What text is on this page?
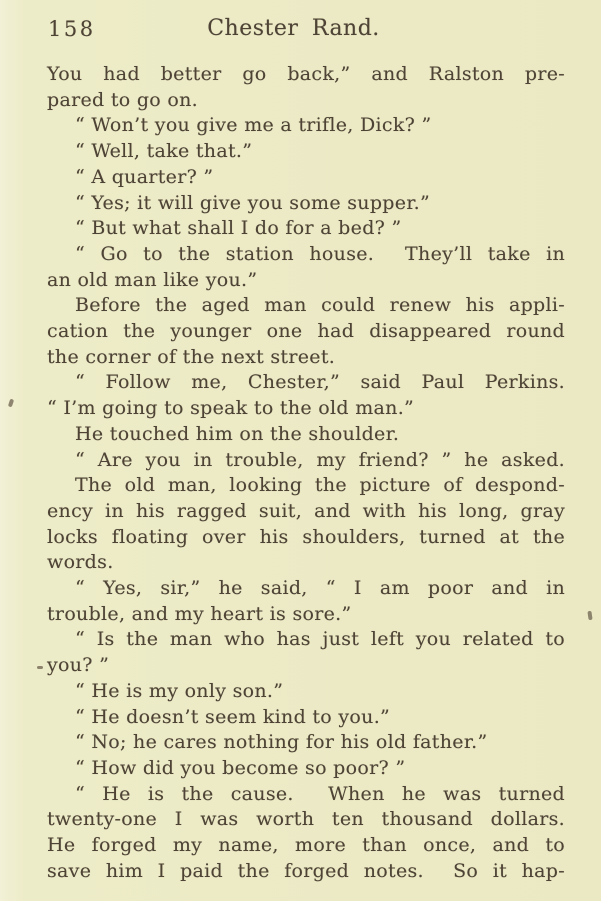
158	Chester Rand.
You had better go back,” and Ralston pre-
pared to go on.
“ Won’t you give me a trifle, Dick? ”
“ Well, take that.”
“ A quarter? ”
“ Yes; it will give you some supper.”
“ But what shall I do for a bed? ”
“ Go to the station house.  They’ll take in
an old man like you.”
Before the aged man could renew his appli-
cation the younger one had disappeared round
the corner of the next street.
“ Follow me, Chester,” said Paul Perkins.
“ I’m going to speak to the old man.”
He touched him on the shoulder.
“ Are you in trouble, my friend? ” he asked.
The old man, looking the picture of despond-
ency in his ragged suit, and with his long, gray
locks floating over his shoulders, turned at the
words.
“ Yes, sir,” he said, “ I am poor and in
trouble, and my heart is sore.”
“ Is the man who has just left you related to
you? ”
“ He is my only son.”
“ He doesn’t seem kind to you.”
“ No; he cares nothing for his old father.”
“ How did you become so poor? ”
“ He is the cause.  When he was turned
twenty-one I was worth ten thousand dollars.
He forged my name, more than once, and to
save him I paid the forged notes.  So it hap-
